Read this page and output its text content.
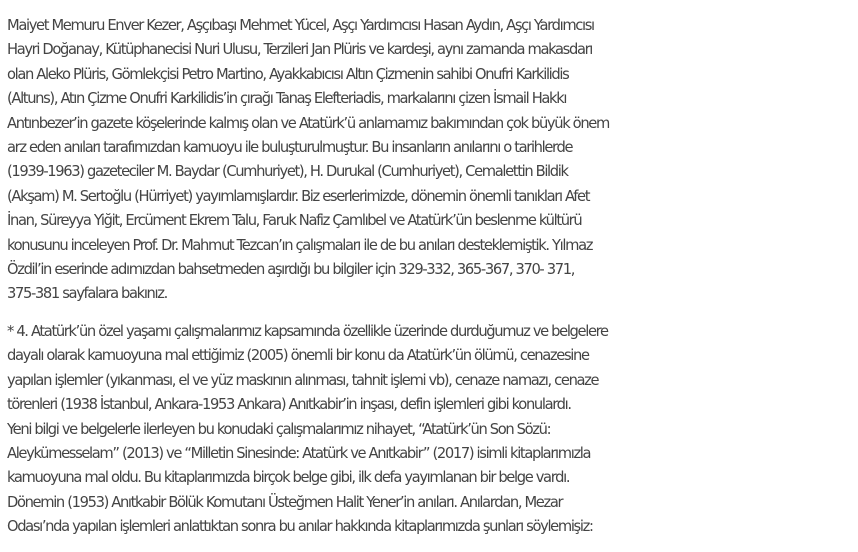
Maiyet Memuru Enver Kezer, Aşçıbaşı Mehmet Yücel, Aşçı Yardımcısı Hasan Aydın, Aşçı Yardımcısı
Hayri Doğanay, Kütüphanecisi Nuri Ulusu, Terzileri Jan Plüris ve kardeşi, aynı zamanda makasdarı
olan Aleko Plüris, Gömlekçisi Petro Martino, Ayakkabıcısı Altın Çizmenin sahibi Onufri Karkilidis
(Altuns), Atın Çizme Onufri Karkilidis’in çırağı Tanaş Elefteriadis, markalarını çizen İsmail Hakkı
Antınbezer’in gazete köşelerinde kalmış olan ve Atatürk’ü anlamamız bakımından çok büyük önem
arz eden anıları tarafımızdan kamuoyu ile buluşturulmuştur. Bu insanların anılarını o tarihlerde
(1939-1963) gazeteciler M. Baydar (Cumhuriyet), H. Durukal (Cumhuriyet), Cemalettin Bildik
(Akşam) M. Sertoğlu (Hürriyet) yayımlamışlardır. Biz eserlerimizde, dönemin önemli tanıkları Afet
İnan, Süreyya Yiğit, Ercüment Ekrem Talu, Faruk Nafiz Çamlıbel ve Atatürk’ün beslenme kültürü
konusunu inceleyen Prof. Dr. Mahmut Tezcan’ın çalışmaları ile de bu anıları desteklemiştik. Yılmaz
Özdil’in eserinde adımızdan bahsetmeden aşırdığı bu bilgiler için 329-332, 365-367, 370- 371,
375-381 sayfalara bakınız.

* 4. Atatürk’ün özel yaşamı çalışmalarımız kapsamında özellikle üzerinde durduğumuz ve belgelere
dayalı olarak kamuoyuna mal ettiğimiz (2005) önemli bir konu da Atatürk’ün ölümü, cenazesine
yapılan işlemler (yıkanması, el ve yüz maskının alınması, tahnit işlemi vb), cenaze namazı, cenaze
törenleri (1938 İstanbul, Ankara-1953 Ankara) Anıtkabir’in inşası, defin işlemleri gibi konulardı.
Yeni bilgi ve belgelerle ilerleyen bu konudaki çalışmalarımız nihayet, “Atatürk’ün Son Sözü:
Aleykümesselam” (2013) ve “Milletin Sinesinde: Atatürk ve Anıtkabir” (2017) isimli kitaplarımızla
kamuoyuna mal oldu. Bu kitaplarımızda birçok belge gibi, ilk defa yayımlanan bir belge vardı.
Dönemin (1953) Anıtkabir Bölük Komutanı Üsteğmen Halit Yener’in anıları. Anılardan, Mezar
Odası’nda yapılan işlemleri anlattıktan sonra bu anılar hakkında kitaplarımızda şunları söylemişiz:
